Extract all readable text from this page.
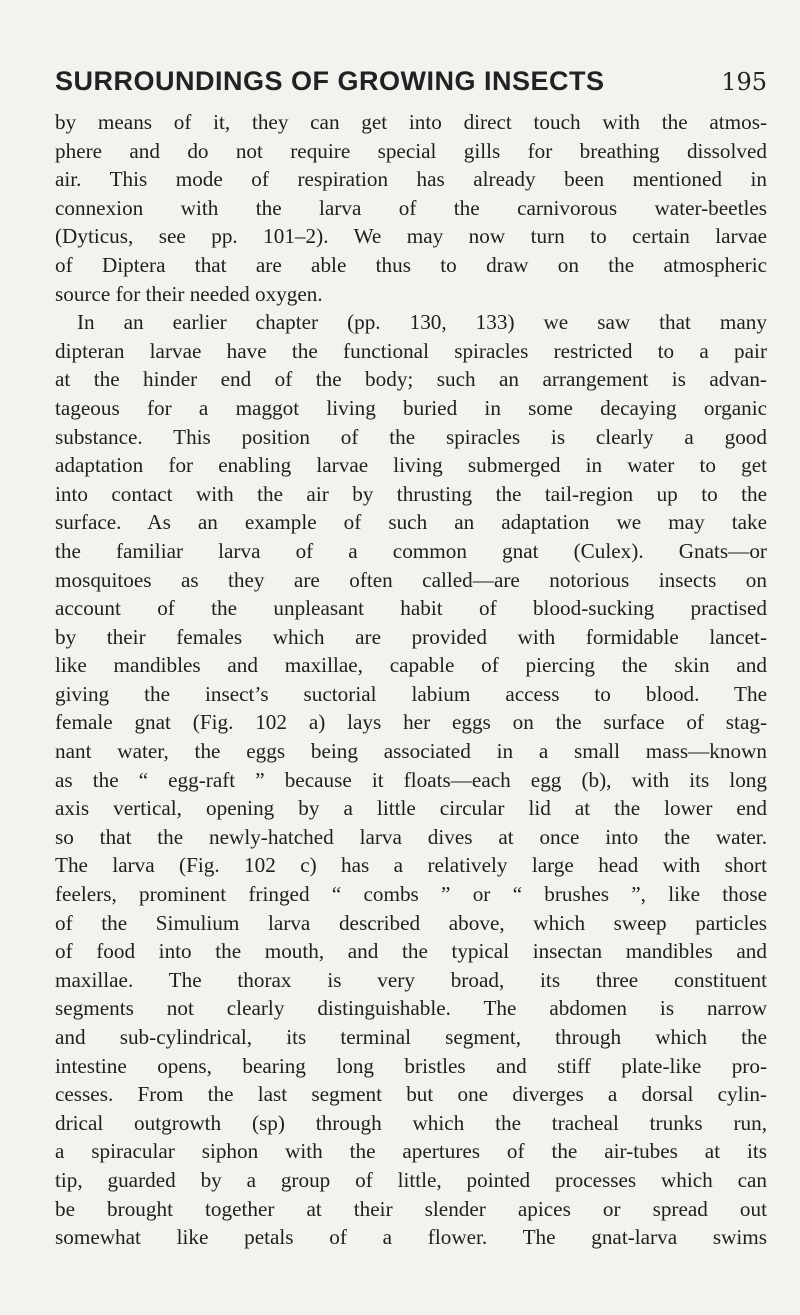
SURROUNDINGS OF GROWING INSECTS	195
by means of it, they can get into direct touch with the atmos-
phere and do not require special gills for breathing dissolved
air. This mode of respiration has already been mentioned in
connexion with the larva of the carnivorous water-beetles
(Dyticus, see pp. 101–2). We may now turn to certain larvae
of Diptera that are able thus to draw on the atmospheric
source for their needed oxygen.
In an earlier chapter (pp. 130, 133) we saw that many
dipteran larvae have the functional spiracles restricted to a pair
at the hinder end of the body; such an arrangement is advan-
tageous for a maggot living buried in some decaying organic
substance. This position of the spiracles is clearly a good
adaptation for enabling larvae living submerged in water to get
into contact with the air by thrusting the tail-region up to the
surface. As an example of such an adaptation we may take
the familiar larva of a common gnat (Culex). Gnats—or
mosquitoes as they are often called—are notorious insects on
account of the unpleasant habit of blood-sucking practised
by their females which are provided with formidable lancet-
like mandibles and maxillae, capable of piercing the skin and
giving the insect’s suctorial labium access to blood. The
female gnat (Fig. 102 a) lays her eggs on the surface of stag-
nant water, the eggs being associated in a small mass—known
as the “ egg-raft ” because it floats—each egg (b), with its long
axis vertical, opening by a little circular lid at the lower end
so that the newly-hatched larva dives at once into the water.
The larva (Fig. 102 c) has a relatively large head with short
feelers, prominent fringed “ combs ” or “ brushes ”, like those
of the Simulium larva described above, which sweep particles
of food into the mouth, and the typical insectan mandibles and
maxillae. The thorax is very broad, its three constituent
segments not clearly distinguishable. The abdomen is narrow
and sub-cylindrical, its terminal segment, through which the
intestine opens, bearing long bristles and stiff plate-like pro-
cesses. From the last segment but one diverges a dorsal cylin-
drical outgrowth (sp) through which the tracheal trunks run,
a spiracular siphon with the apertures of the air-tubes at its
tip, guarded by a group of little, pointed processes which can
be brought together at their slender apices or spread out
somewhat like petals of a flower. The gnat-larva swims
